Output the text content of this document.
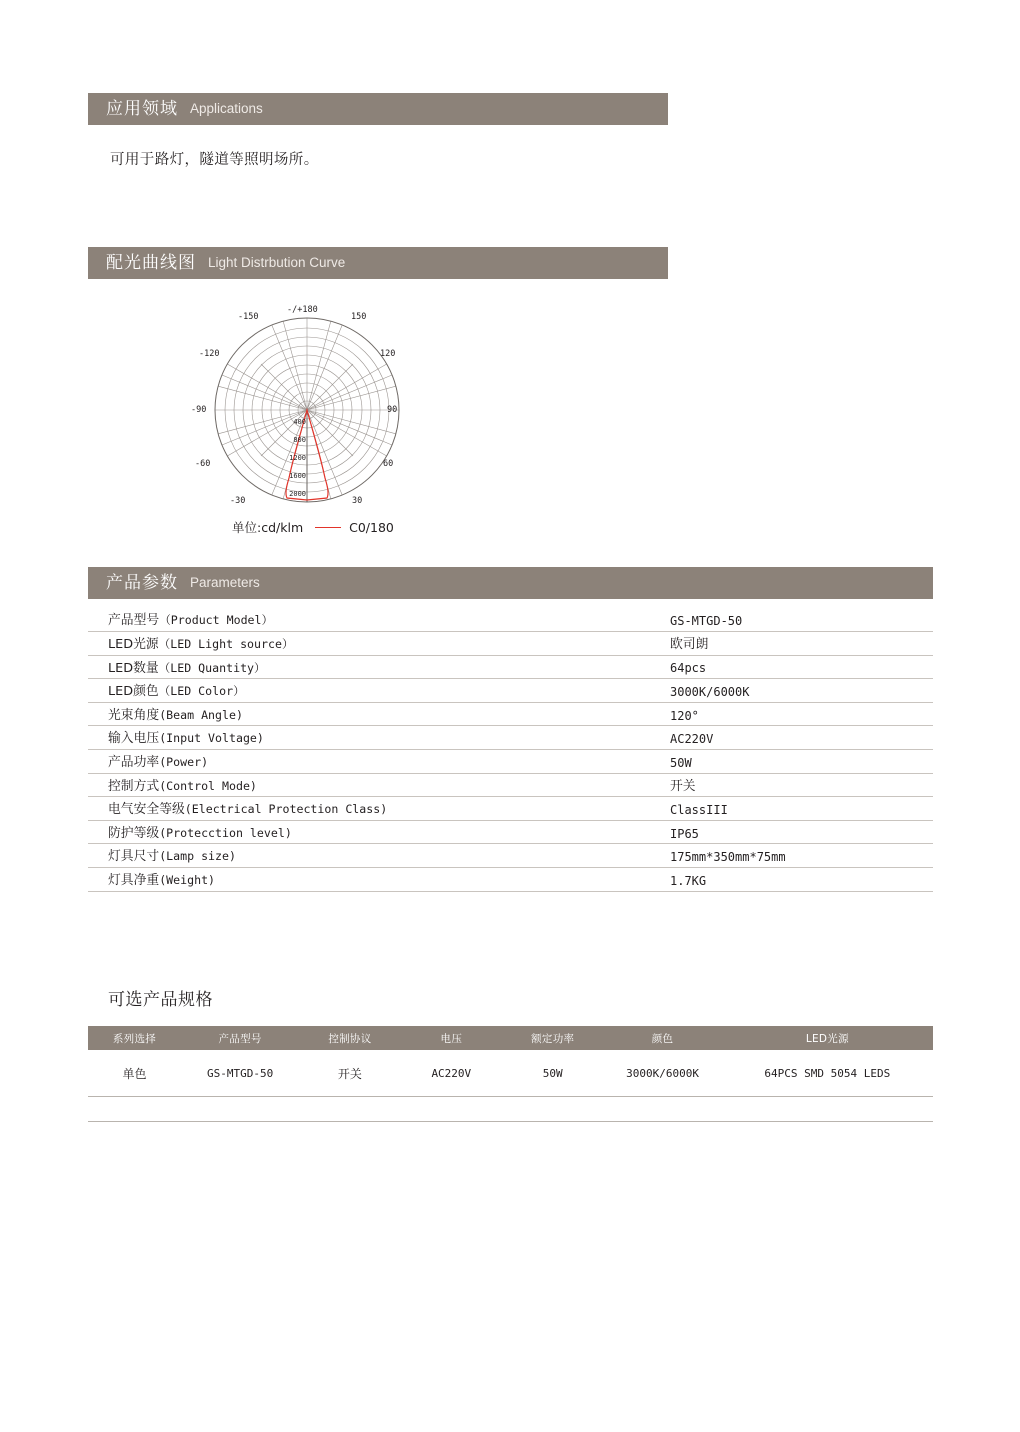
应用领域 Applications
可用于路灯，隧道等照明场所。
配光曲线图 Light Distrbution Curve
-/+180
-150	150
-120	120
-90	90
-60	60
-30	30
400
800
1200
1600
2000
单位:cd/klm	C0/180
产品参数 Parameters
产品型号（Product Model）	GS-MTGD-50
LED光源（LED Light source）	欧司朗
LED数量（LED Quantity）	64pcs
LED颜色（LED Color）	3000K/6000K
光束角度(Beam Angle)	120°
输入电压(Input Voltage)	AC220V
产品功率(Power)	50W
控制方式(Control Mode)	开关
电气安全等级(Electrical Protection Class)	ClassIII
防护等级(Protecction level)	IP65
灯具尺寸(Lamp size)	175mm*350mm*75mm
灯具净重(Weight)	1.7KG
可选产品规格
系列选择	产品型号	控制协议	电压	额定功率	颜色	LED光源
单色	GS-MTGD-50	开关	AC220V	50W	3000K/6000K	64PCS SMD 5054 LEDS
